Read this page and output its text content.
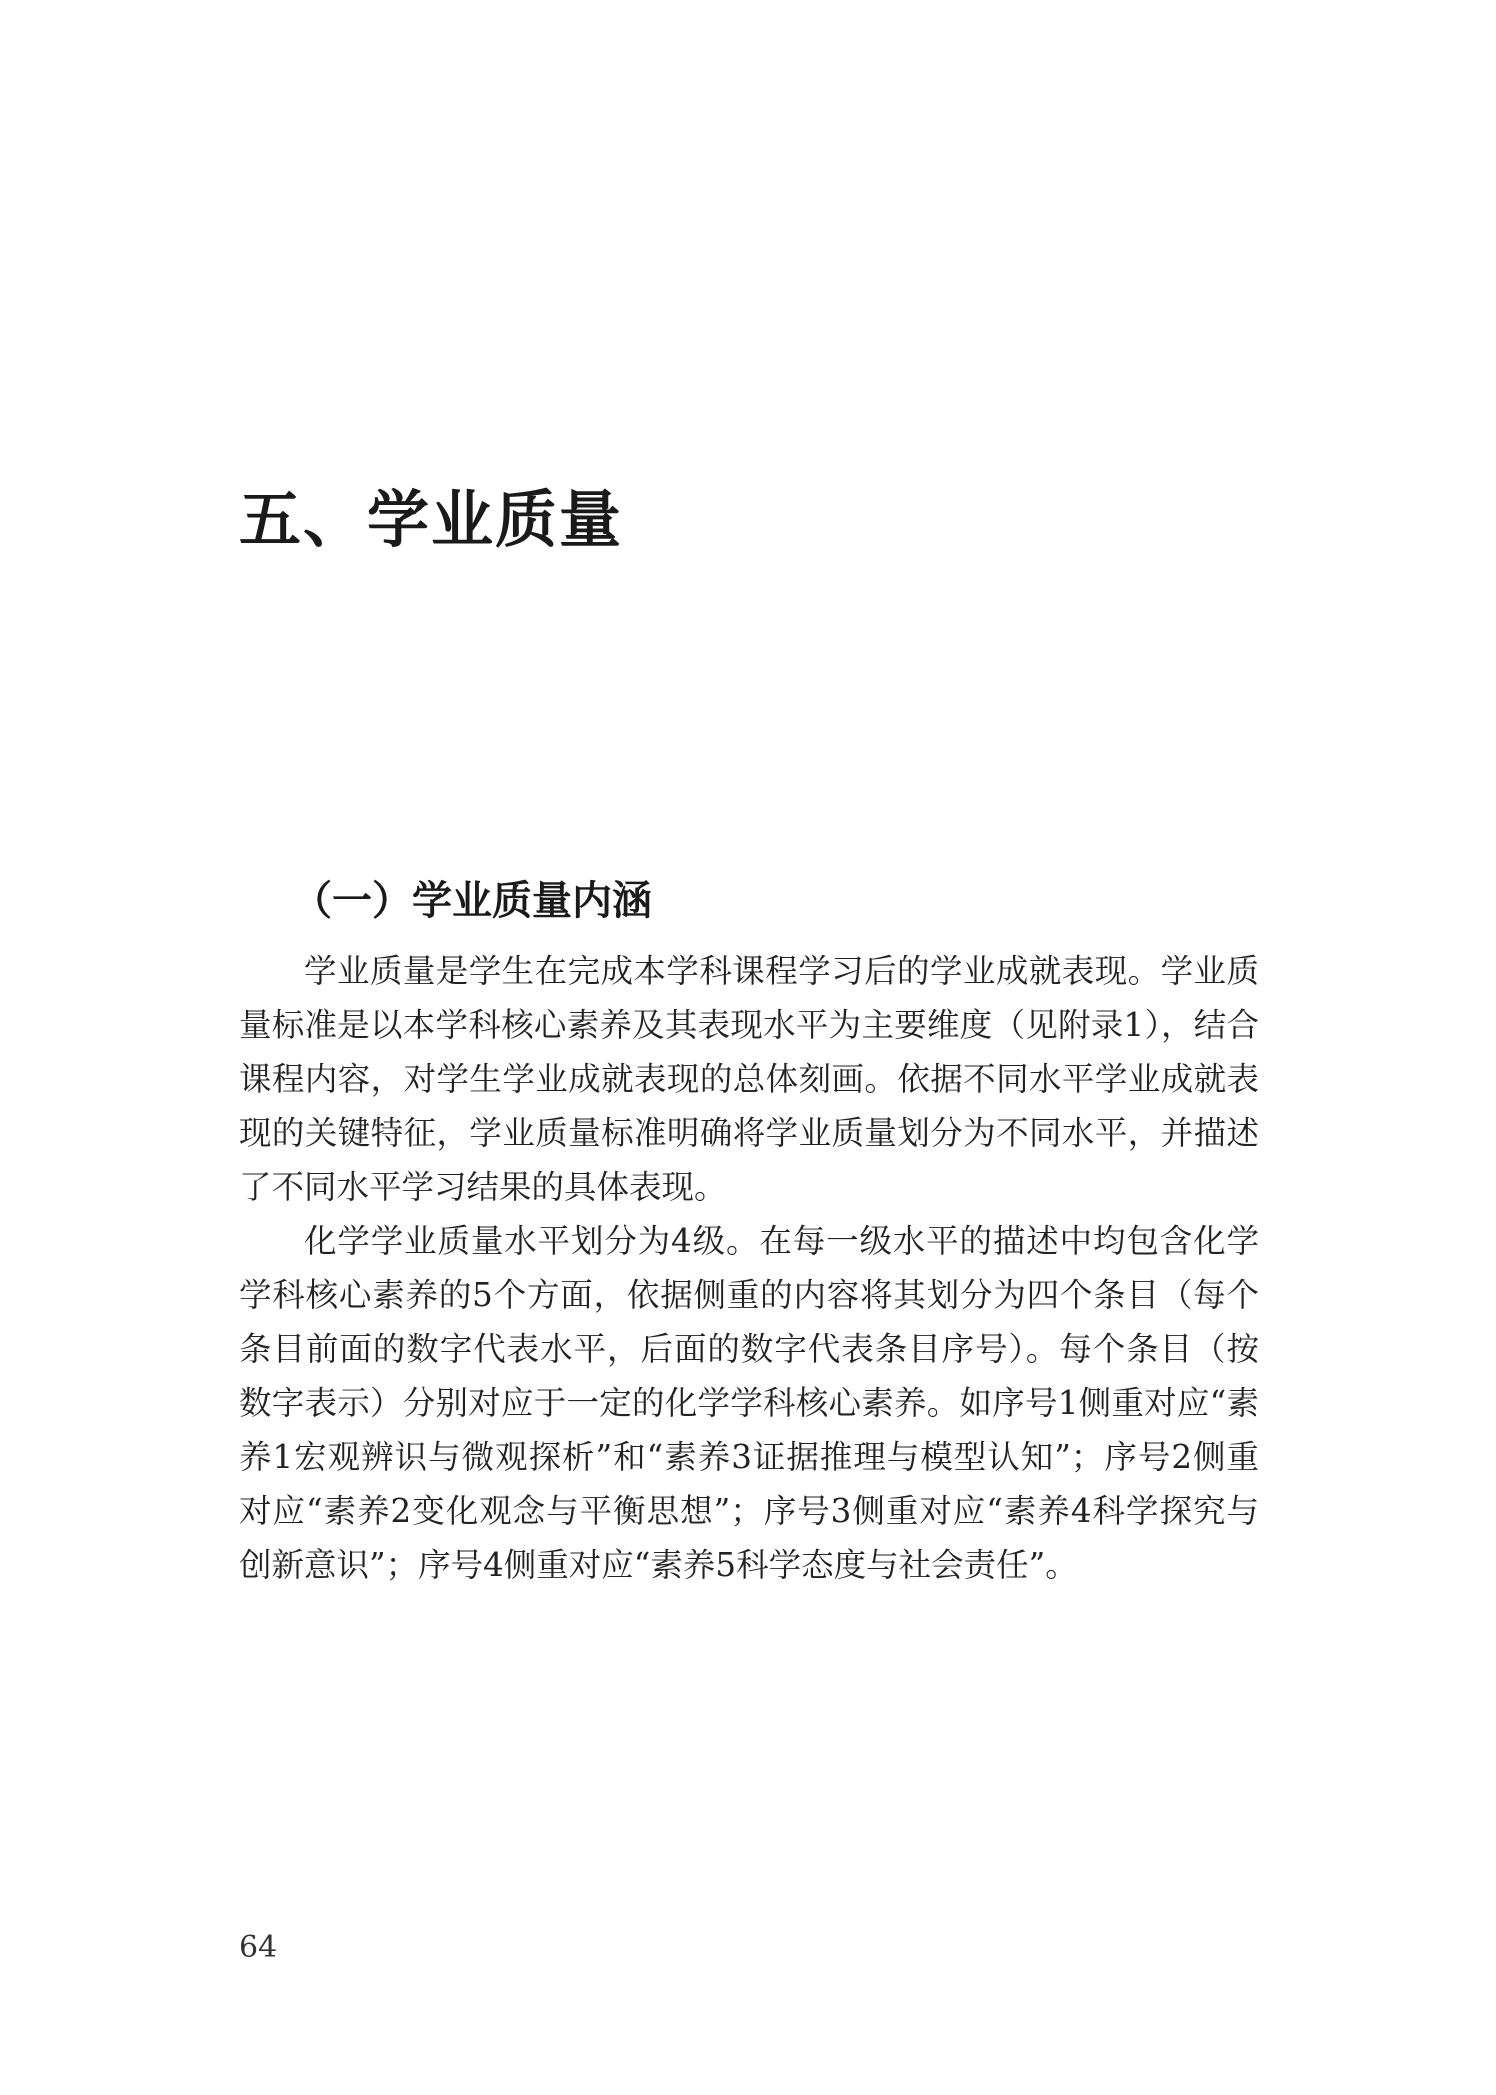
五、学业质量
（一）学业质量内涵

学业质量是学生在完成本学科课程学习后的学业成就表现。学业质量标准是以本学科核心素养及其表现水平为主要维度（见附录1），结合课程内容，对学生学业成就表现的总体刻画。依据不同水平学业成就表现的关键特征，学业质量标准明确将学业质量划分为不同水平，并描述了不同水平学习结果的具体表现。

化学学业质量水平划分为4级。在每一级水平的描述中均包含化学学科核心素养的5个方面，依据侧重的内容将其划分为四个条目（每个条目前面的数字代表水平，后面的数字代表条目序号）。每个条目（按数字表示）分别对应于一定的化学学科核心素养。如序号1侧重对应“素养1宏观辨识与微观探析”和“素养3证据推理与模型认知”；序号2侧重对应“素养2变化观念与平衡思想”；序号3侧重对应“素养4科学探究与创新意识”；序号4侧重对应“素养5科学态度与社会责任”。

64
